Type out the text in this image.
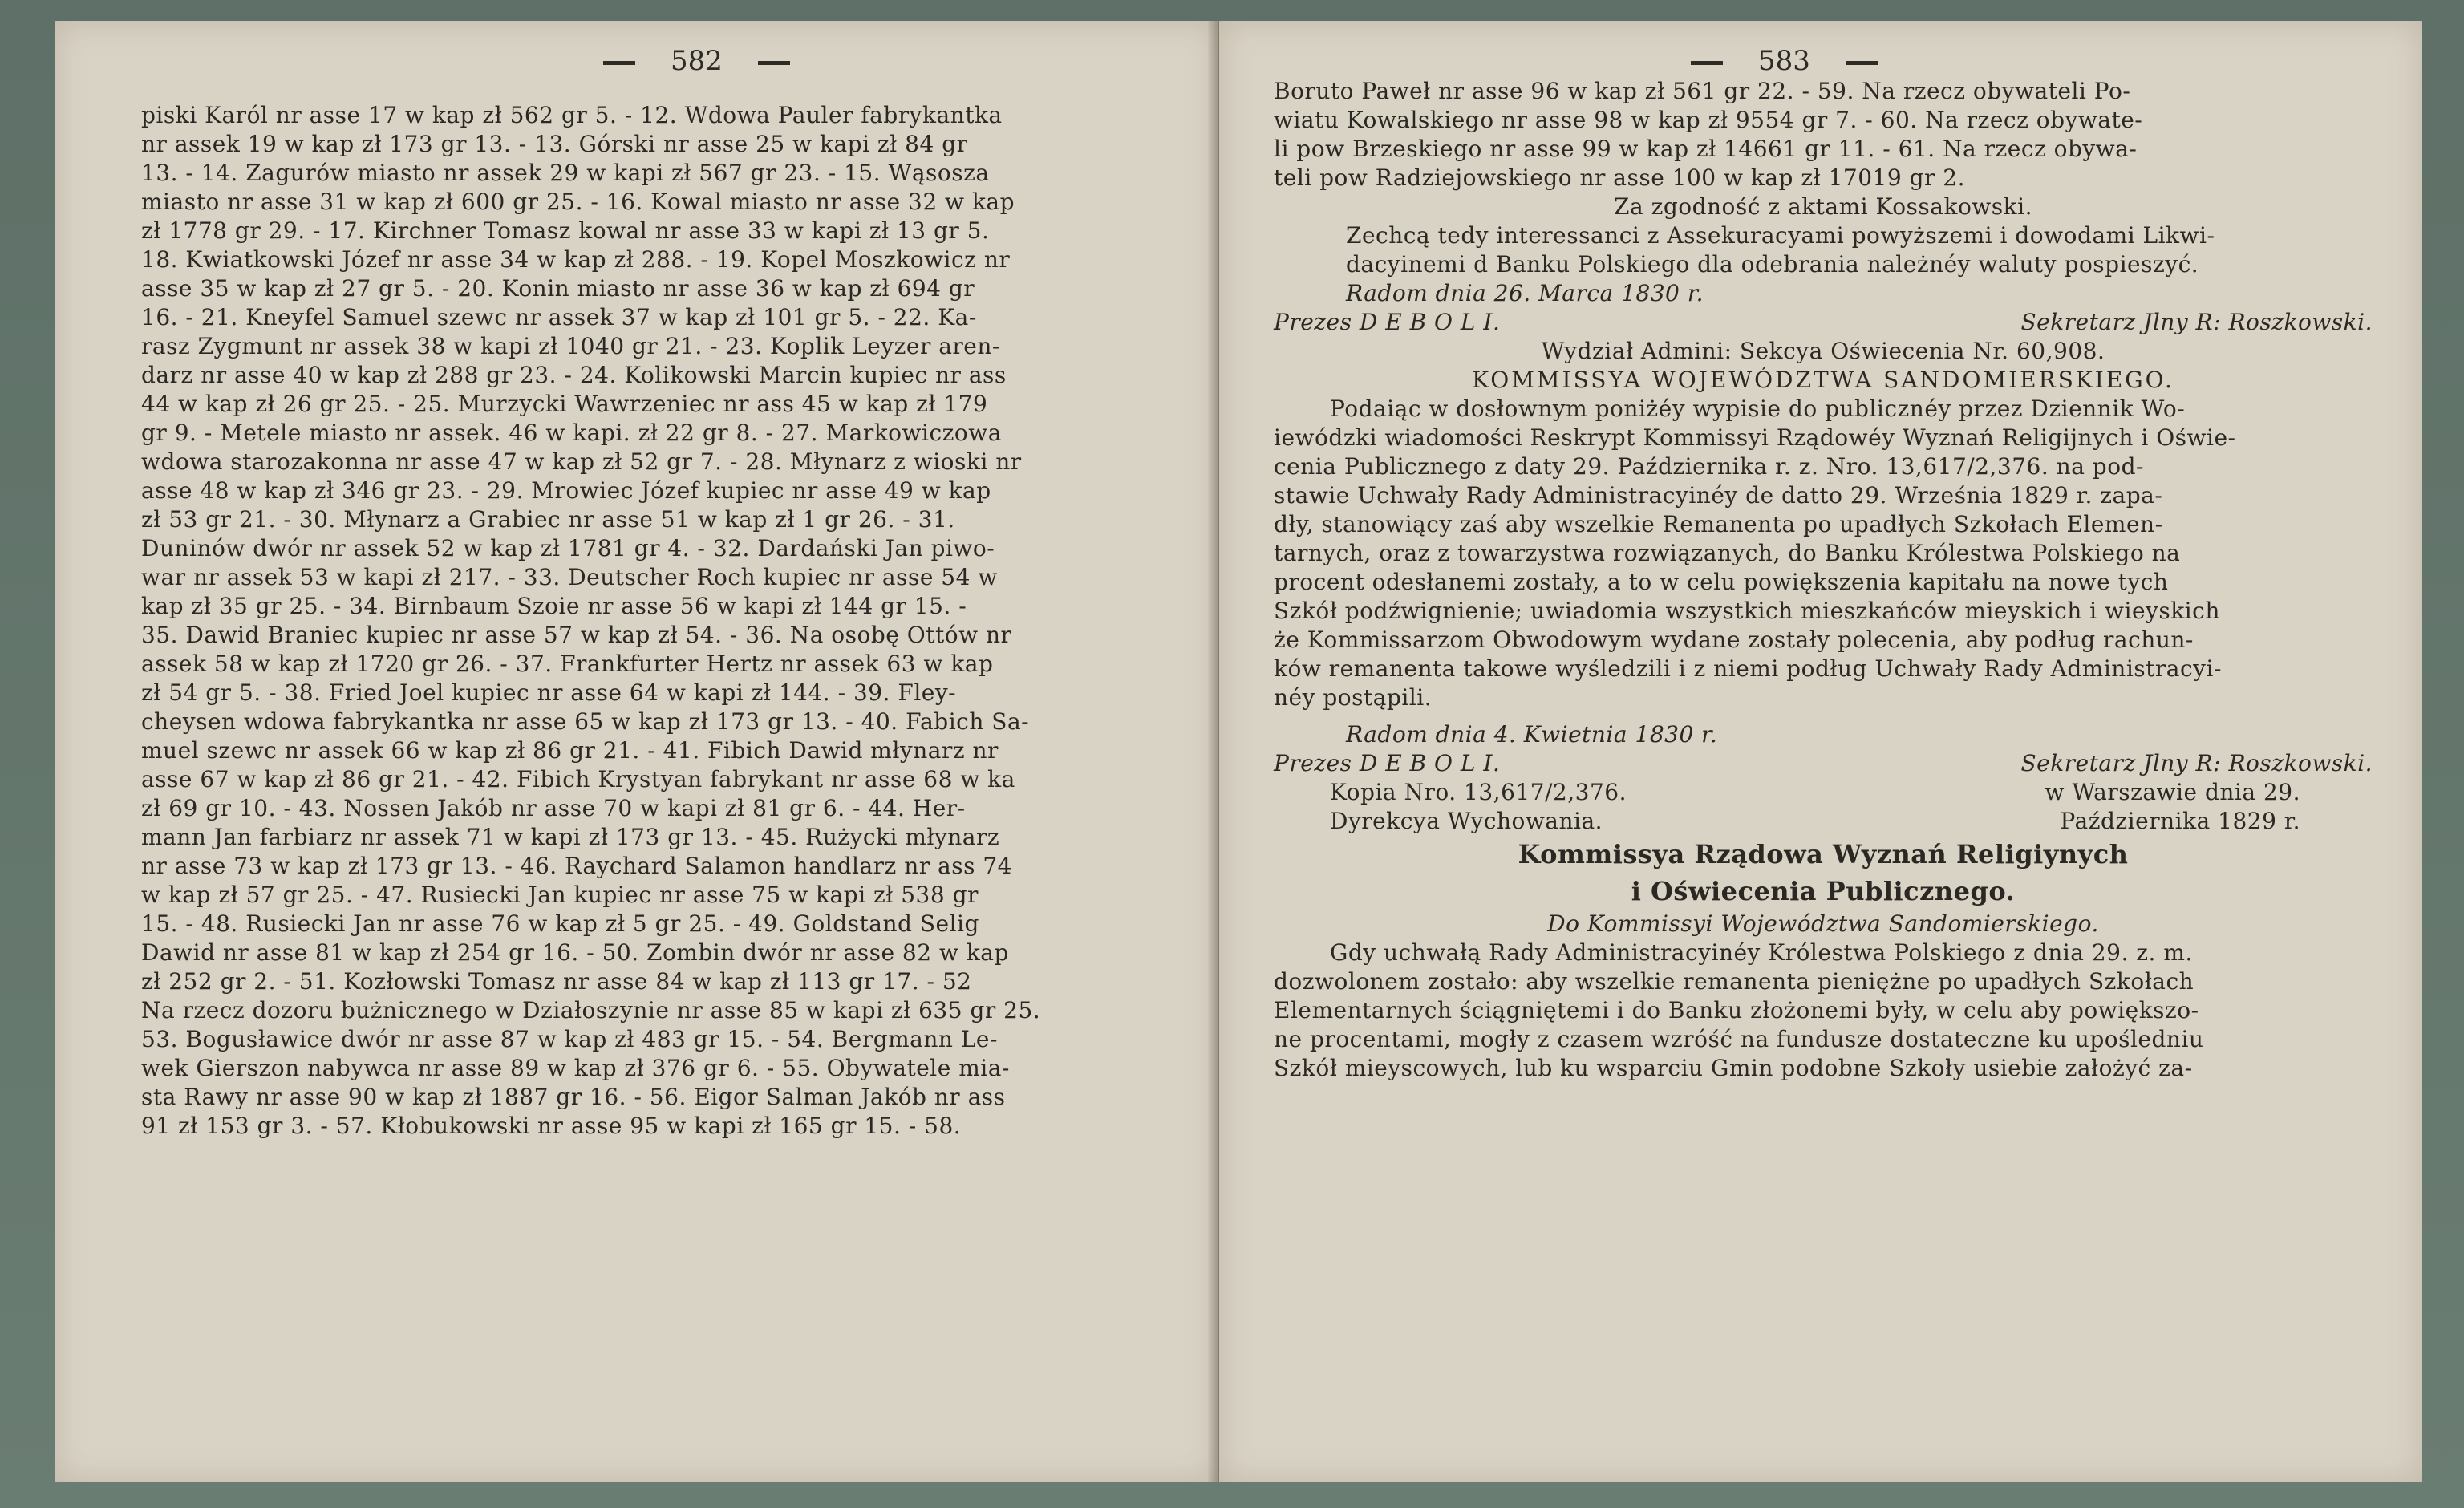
582

piski Karól nr asse 17 w kap zł 562 gr 5. - 12. Wdowa Pauler fabrykantka

nr assek 19 w kap zł 173 gr 13. - 13. Górski nr asse 25 w kapi zł 84 gr

13. - 14. Zagurów miasto nr assek 29 w kapi zł 567 gr 23. - 15. Wąsosza

miasto nr asse 31 w kap zł 600 gr 25. - 16. Kowal miasto nr asse 32 w kap

zł 1778 gr 29. - 17. Kirchner Tomasz kowal nr asse 33 w kapi zł 13 gr 5.

18. Kwiatkowski Józef nr asse 34 w kap zł 288. - 19. Kopel Moszkowicz nr

asse 35 w kap zł 27 gr 5. - 20. Konin miasto nr asse 36 w kap zł 694 gr

16. - 21. Kneyfel Samuel szewc nr assek 37 w kap zł 101 gr 5. - 22. Ka-

rasz Zygmunt nr assek 38 w kapi zł 1040 gr 21. - 23. Koplik Leyzer aren-

darz nr asse 40 w kap zł 288 gr 23. - 24. Kolikowski Marcin kupiec nr ass

44 w kap zł 26 gr 25. - 25. Murzycki Wawrzeniec nr ass 45 w kap zł 179

gr 9. - Metele miasto nr assek. 46 w kapi. zł 22 gr 8. - 27. Markowiczowa

wdowa starozakonna nr asse 47 w kap zł 52 gr 7. - 28. Młynarz z wioski nr

asse 48 w kap zł 346 gr 23. - 29. Mrowiec Józef kupiec nr asse 49 w kap

zł 53 gr 21. - 30. Młynarz a Grabiec nr asse 51 w kap zł 1 gr 26. - 31.

Duninów dwór nr assek 52 w kap zł 1781 gr 4. - 32. Dardański Jan piwo-

war nr assek 53 w kapi zł 217. - 33. Deutscher Roch kupiec nr asse 54 w

kap zł 35 gr 25. - 34. Birnbaum Szoie nr asse 56 w kapi zł 144 gr 15. -

35. Dawid Braniec kupiec nr asse 57 w kap zł 54. - 36. Na osobę Ottów nr

assek 58 w kap zł 1720 gr 26. - 37. Frankfurter Hertz nr assek 63 w kap

zł 54 gr 5. - 38. Fried Joel kupiec nr asse 64 w kapi zł 144. - 39. Fley-

cheysen wdowa fabrykantka nr asse 65 w kap zł 173 gr 13. - 40. Fabich Sa-

muel szewc nr assek 66 w kap zł 86 gr 21. - 41. Fibich Dawid młynarz nr

asse 67 w kap zł 86 gr 21. - 42. Fibich Krystyan fabrykant nr asse 68 w ka

zł 69 gr 10. - 43. Nossen Jakób nr asse 70 w kapi zł 81 gr 6. - 44. Her-

mann Jan farbiarz nr assek 71 w kapi zł 173 gr 13. - 45. Rużycki młynarz

nr asse 73 w kap zł 173 gr 13. - 46. Raychard Salamon handlarz nr ass 74

w kap zł 57 gr 25. - 47. Rusiecki Jan kupiec nr asse 75 w kapi zł 538 gr

15. - 48. Rusiecki Jan nr asse 76 w kap zł 5 gr 25. - 49. Goldstand Selig

Dawid nr asse 81 w kap zł 254 gr 16. - 50. Zombin dwór nr asse 82 w kap

zł 252 gr 2. - 51. Kozłowski Tomasz nr asse 84 w kap zł 113 gr 17. - 52

Na rzecz dozoru bużnicznego w Działoszynie nr asse 85 w kapi zł 635 gr 25.

53. Bogusławice dwór nr asse 87 w kap zł 483 gr 15. - 54. Bergmann Le-

wek Gierszon nabywca nr asse 89 w kap zł 376 gr 6. - 55. Obywatele mia-

sta Rawy nr asse 90 w kap zł 1887 gr 16. - 56. Eigor Salman Jakób nr ass

91 zł 153 gr 3. - 57. Kłobukowski nr asse 95 w kapi zł 165 gr 15. - 58.

583

Boruto Paweł nr asse 96 w kap zł 561 gr 22. - 59. Na rzecz obywateli Po-

wiatu Kowalskiego nr asse 98 w kap zł 9554 gr 7. - 60. Na rzecz obywate-

li pow Brzeskiego nr asse 99 w kap zł 14661 gr 11. - 61. Na rzecz obywa-

teli pow Radziejowskiego nr asse 100 w kap zł 17019 gr 2.

Za zgodność z aktami Kossakowski.

Zechcą tedy interessanci z Assekuracyami powyższemi i dowodami Likwi-

dacyinemi d Banku Polskiego dla odebrania należnéy waluty pospieszyć.

Radom dnia 26. Marca 1830 r.

Prezes D E B O L I.	Sekretarz Jlny R: Roszkowski.

Wydział Admini: Sekcya Oświecenia Nr. 60,908.

KOMMISSYA WOJEWÓDZTWA SANDOMIERSKIEGO.

Podaiąc w dosłownym poniżéy wypisie do publicznéy przez Dziennik Wo-

iewódzki wiadomości Reskrypt Kommissyi Rządowéy Wyznań Religijnych i Oświe-

cenia Publicznego z daty 29. Października r. z. Nro. 13,617/2,376. na pod-

stawie Uchwały Rady Administracyinéy de datto 29. Września 1829 r. zapa-

dły, stanowiący zaś aby wszelkie Remanenta po upadłych Szkołach Elemen-

tarnych, oraz z towarzystwa rozwiązanych, do Banku Królestwa Polskiego na

procent odesłanemi zostały, a to w celu powiększenia kapitału na nowe tych

Szkół podźwignienie; uwiadomia wszystkich mieszkańców mieyskich i wieyskich

że Kommissarzom Obwodowym wydane zostały polecenia, aby podług rachun-

ków remanenta takowe wyśledzili i z niemi podług Uchwały Rady Administracyi-

néy postąpili.

Radom dnia 4. Kwietnia 1830 r.

Prezes D E B O L I.	Sekretarz Jlny R: Roszkowski.
Kopia Nro. 13,617/2,376.	w Warszawie dnia 29.
Dyrekcya Wychowania.	Października 1829 r.

Kommissya Rządowa Wyznań Religiynych

i Oświecenia Publicznego.

Do Kommissyi Województwa Sandomierskiego.

Gdy uchwałą Rady Administracyinéy Królestwa Polskiego z dnia 29. z. m.

dozwolonem zostało: aby wszelkie remanenta pieniężne po upadłych Szkołach

Elementarnych ściągniętemi i do Banku złożonemi były, w celu aby powiększo-

ne procentami, mogły z czasem wzróść na fundusze dostateczne ku upośledniu

Szkół mieyscowych, lub ku wsparciu Gmin podobne Szkoły usiebie założyć za-
